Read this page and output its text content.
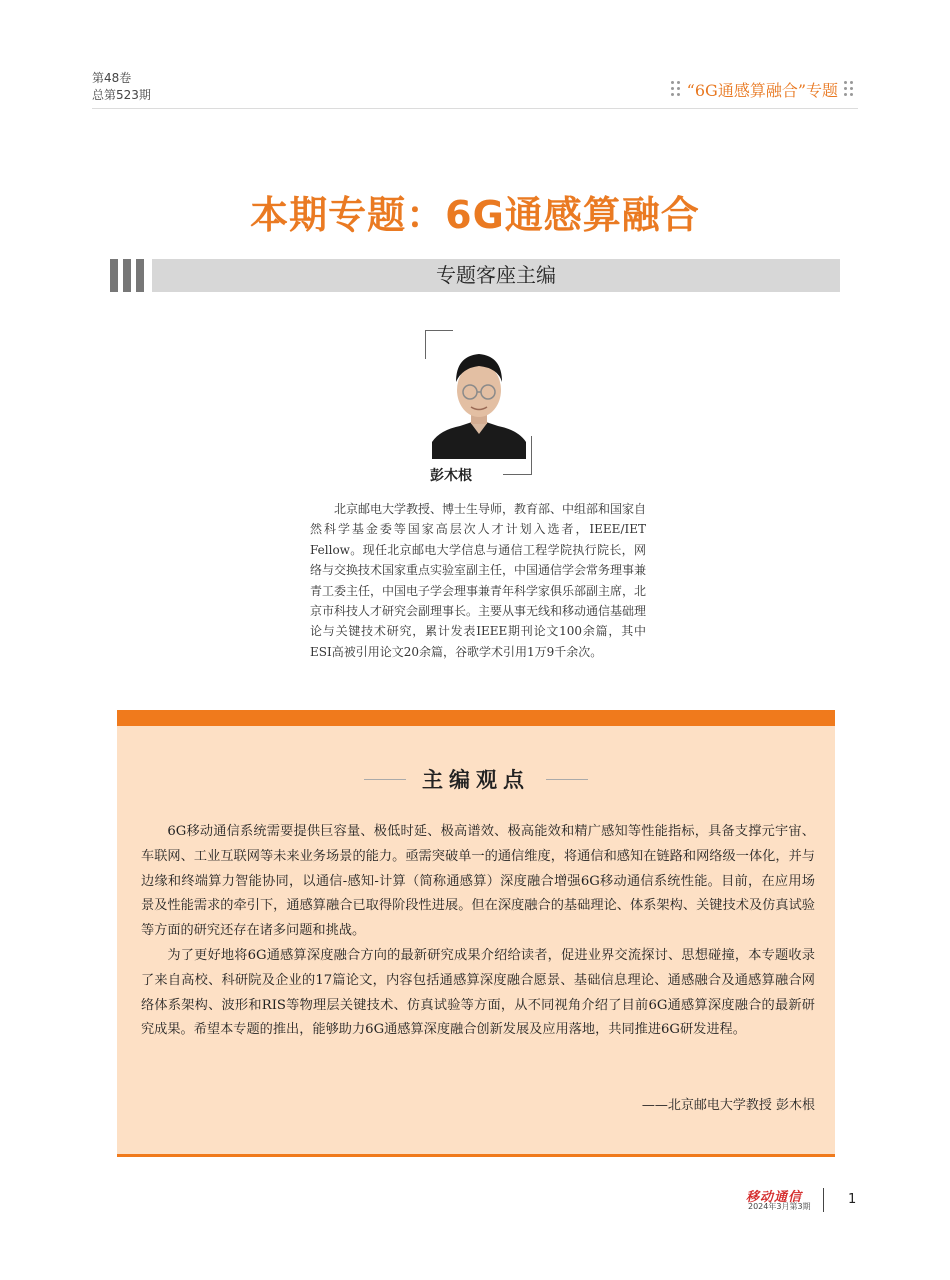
第48卷
总第523期	“6G通感算融合”专题
本期专题：6G通感算融合
专题客座主编
彭木根

北京邮电大学教授、博士生导师，教育部、中组部和国家自然科学基金委等国家高层次人才计划入选者，IEEE/IET Fellow。现任北京邮电大学信息与通信工程学院执行院长，网络与交换技术国家重点实验室副主任，中国通信学会常务理事兼青工委主任，中国电子学会理事兼青年科学家俱乐部副主席，北京市科技人才研究会副理事长。主要从事无线和移动通信基础理论与关键技术研究，累计发表IEEE期刊论文100余篇，其中ESI高被引用论文20余篇，谷歌学术引用1万9千余次。

主编观点

6G移动通信系统需要提供巨容量、极低时延、极高谱效、极高能效和精广感知等性能指标，具备支撑元宇宙、车联网、工业互联网等未来业务场景的能力。亟需突破单一的通信维度，将通信和感知在链路和网络级一体化，并与边缘和终端算力智能协同，以通信-感知-计算（简称通感算）深度融合增强6G移动通信系统性能。目前，在应用场景及性能需求的牵引下，通感算融合已取得阶段性进展。但在深度融合的基础理论、体系架构、关键技术及仿真试验等方面的研究还存在诸多问题和挑战。

为了更好地将6G通感算深度融合方向的最新研究成果介绍给读者，促进业界交流探讨、思想碰撞，本专题收录了来自高校、科研院及企业的17篇论文，内容包括通感算深度融合愿景、基础信息理论、通感融合及通感算融合网络体系架构、波形和RIS等物理层关键技术、仿真试验等方面，从不同视角介绍了目前6G通感算深度融合的最新研究成果。希望本专题的推出，能够助力6G通感算深度融合创新发展及应用落地，共同推进6G研发进程。

——北京邮电大学教授 彭木根
移动通信
2024年3月第3期	1
